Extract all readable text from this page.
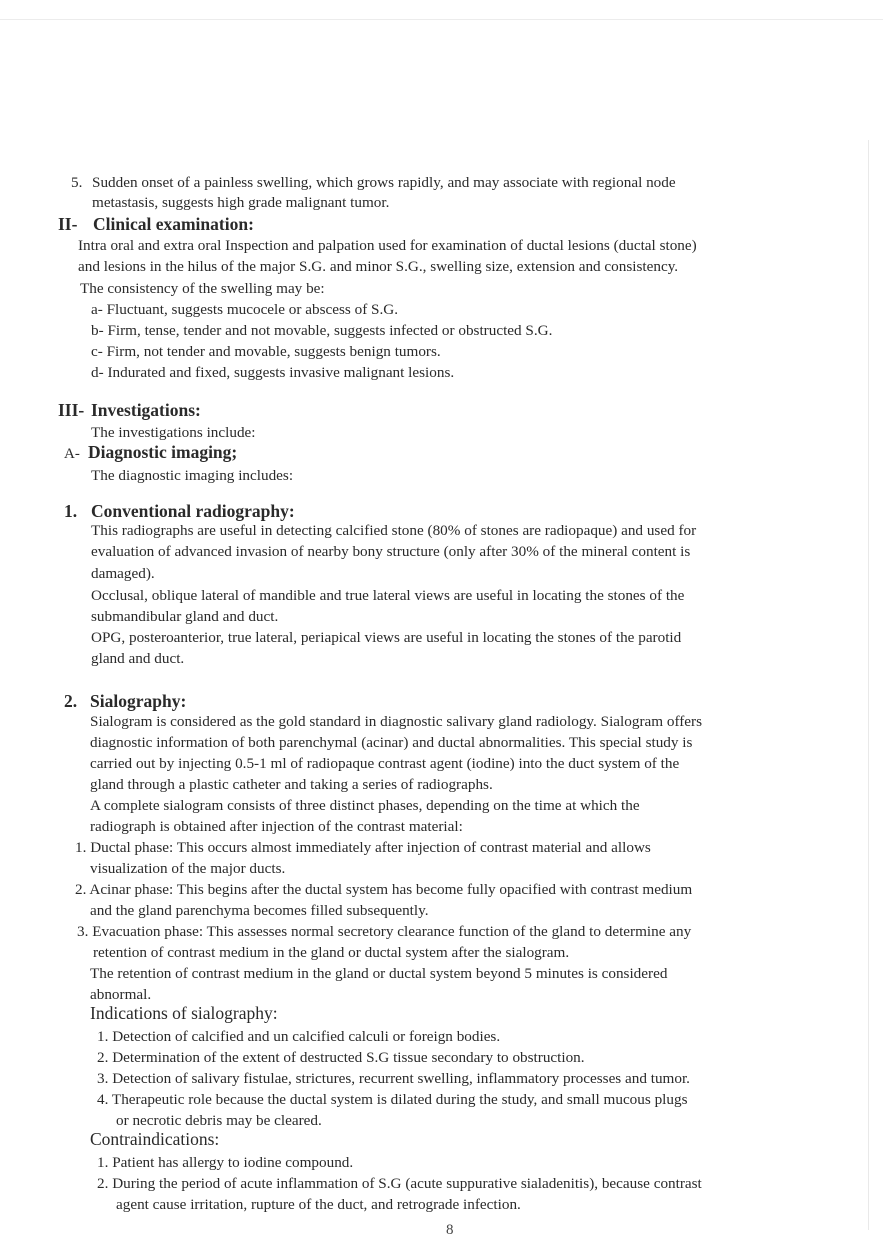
5. Sudden onset of a painless swelling, which grows rapidly, and may associate with regional node
metastasis, suggests high grade malignant tumor.
II- Clinical examination:
Intra oral and extra oral Inspection and palpation used for examination of ductal lesions (ductal stone)
and lesions in the hilus of the major S.G. and minor S.G., swelling size, extension and consistency.
The consistency of the swelling may be:
a- Fluctuant, suggests mucocele or abscess of S.G.
b- Firm, tense, tender and not movable, suggests infected or obstructed S.G.
c- Firm, not tender and movable, suggests benign tumors.
d- Indurated and fixed, suggests invasive malignant lesions.
III- Investigations:
The investigations include:
A- Diagnostic imaging;
The diagnostic imaging includes:
1. Conventional radiography:
This radiographs are useful in detecting calcified stone (80% of stones are radiopaque) and used for
evaluation of advanced invasion of nearby bony structure (only after 30% of the mineral content is
damaged).
Occlusal, oblique lateral of mandible and true lateral views are useful in locating the stones of the
submandibular gland and duct.
OPG, posteroanterior, true lateral, periapical views are useful in locating the stones of the parotid
gland and duct.
2. Sialography:
Sialogram is considered as the gold standard in diagnostic salivary gland radiology. Sialogram offers
diagnostic information of both parenchymal (acinar) and ductal abnormalities. This special study is
carried out by injecting 0.5-1 ml of radiopaque contrast agent (iodine) into the duct system of the
gland through a plastic catheter and taking a series of radiographs.
A complete sialogram consists of three distinct phases, depending on the time at which the
radiograph is obtained after injection of the contrast material:
1. Ductal phase: This occurs almost immediately after injection of contrast material and allows
visualization of the major ducts.
2. Acinar phase: This begins after the ductal system has become fully opacified with contrast medium
and the gland parenchyma becomes filled subsequently.
3. Evacuation phase: This assesses normal secretory clearance function of the gland to determine any
retention of contrast medium in the gland or ductal system after the sialogram.
The retention of contrast medium in the gland or ductal system beyond 5 minutes is considered
abnormal.
Indications of sialography:
1. Detection of calcified and un calcified calculi or foreign bodies.
2. Determination of the extent of destructed S.G tissue secondary to obstruction.
3. Detection of salivary fistulae, strictures, recurrent swelling, inflammatory processes and tumor.
4. Therapeutic role because the ductal system is dilated during the study, and small mucous plugs
or necrotic debris may be cleared.
Contraindications:
1. Patient has allergy to iodine compound.
2. During the period of acute inflammation of S.G (acute suppurative sialadenitis), because contrast
agent cause irritation, rupture of the duct, and retrograde infection.
8
